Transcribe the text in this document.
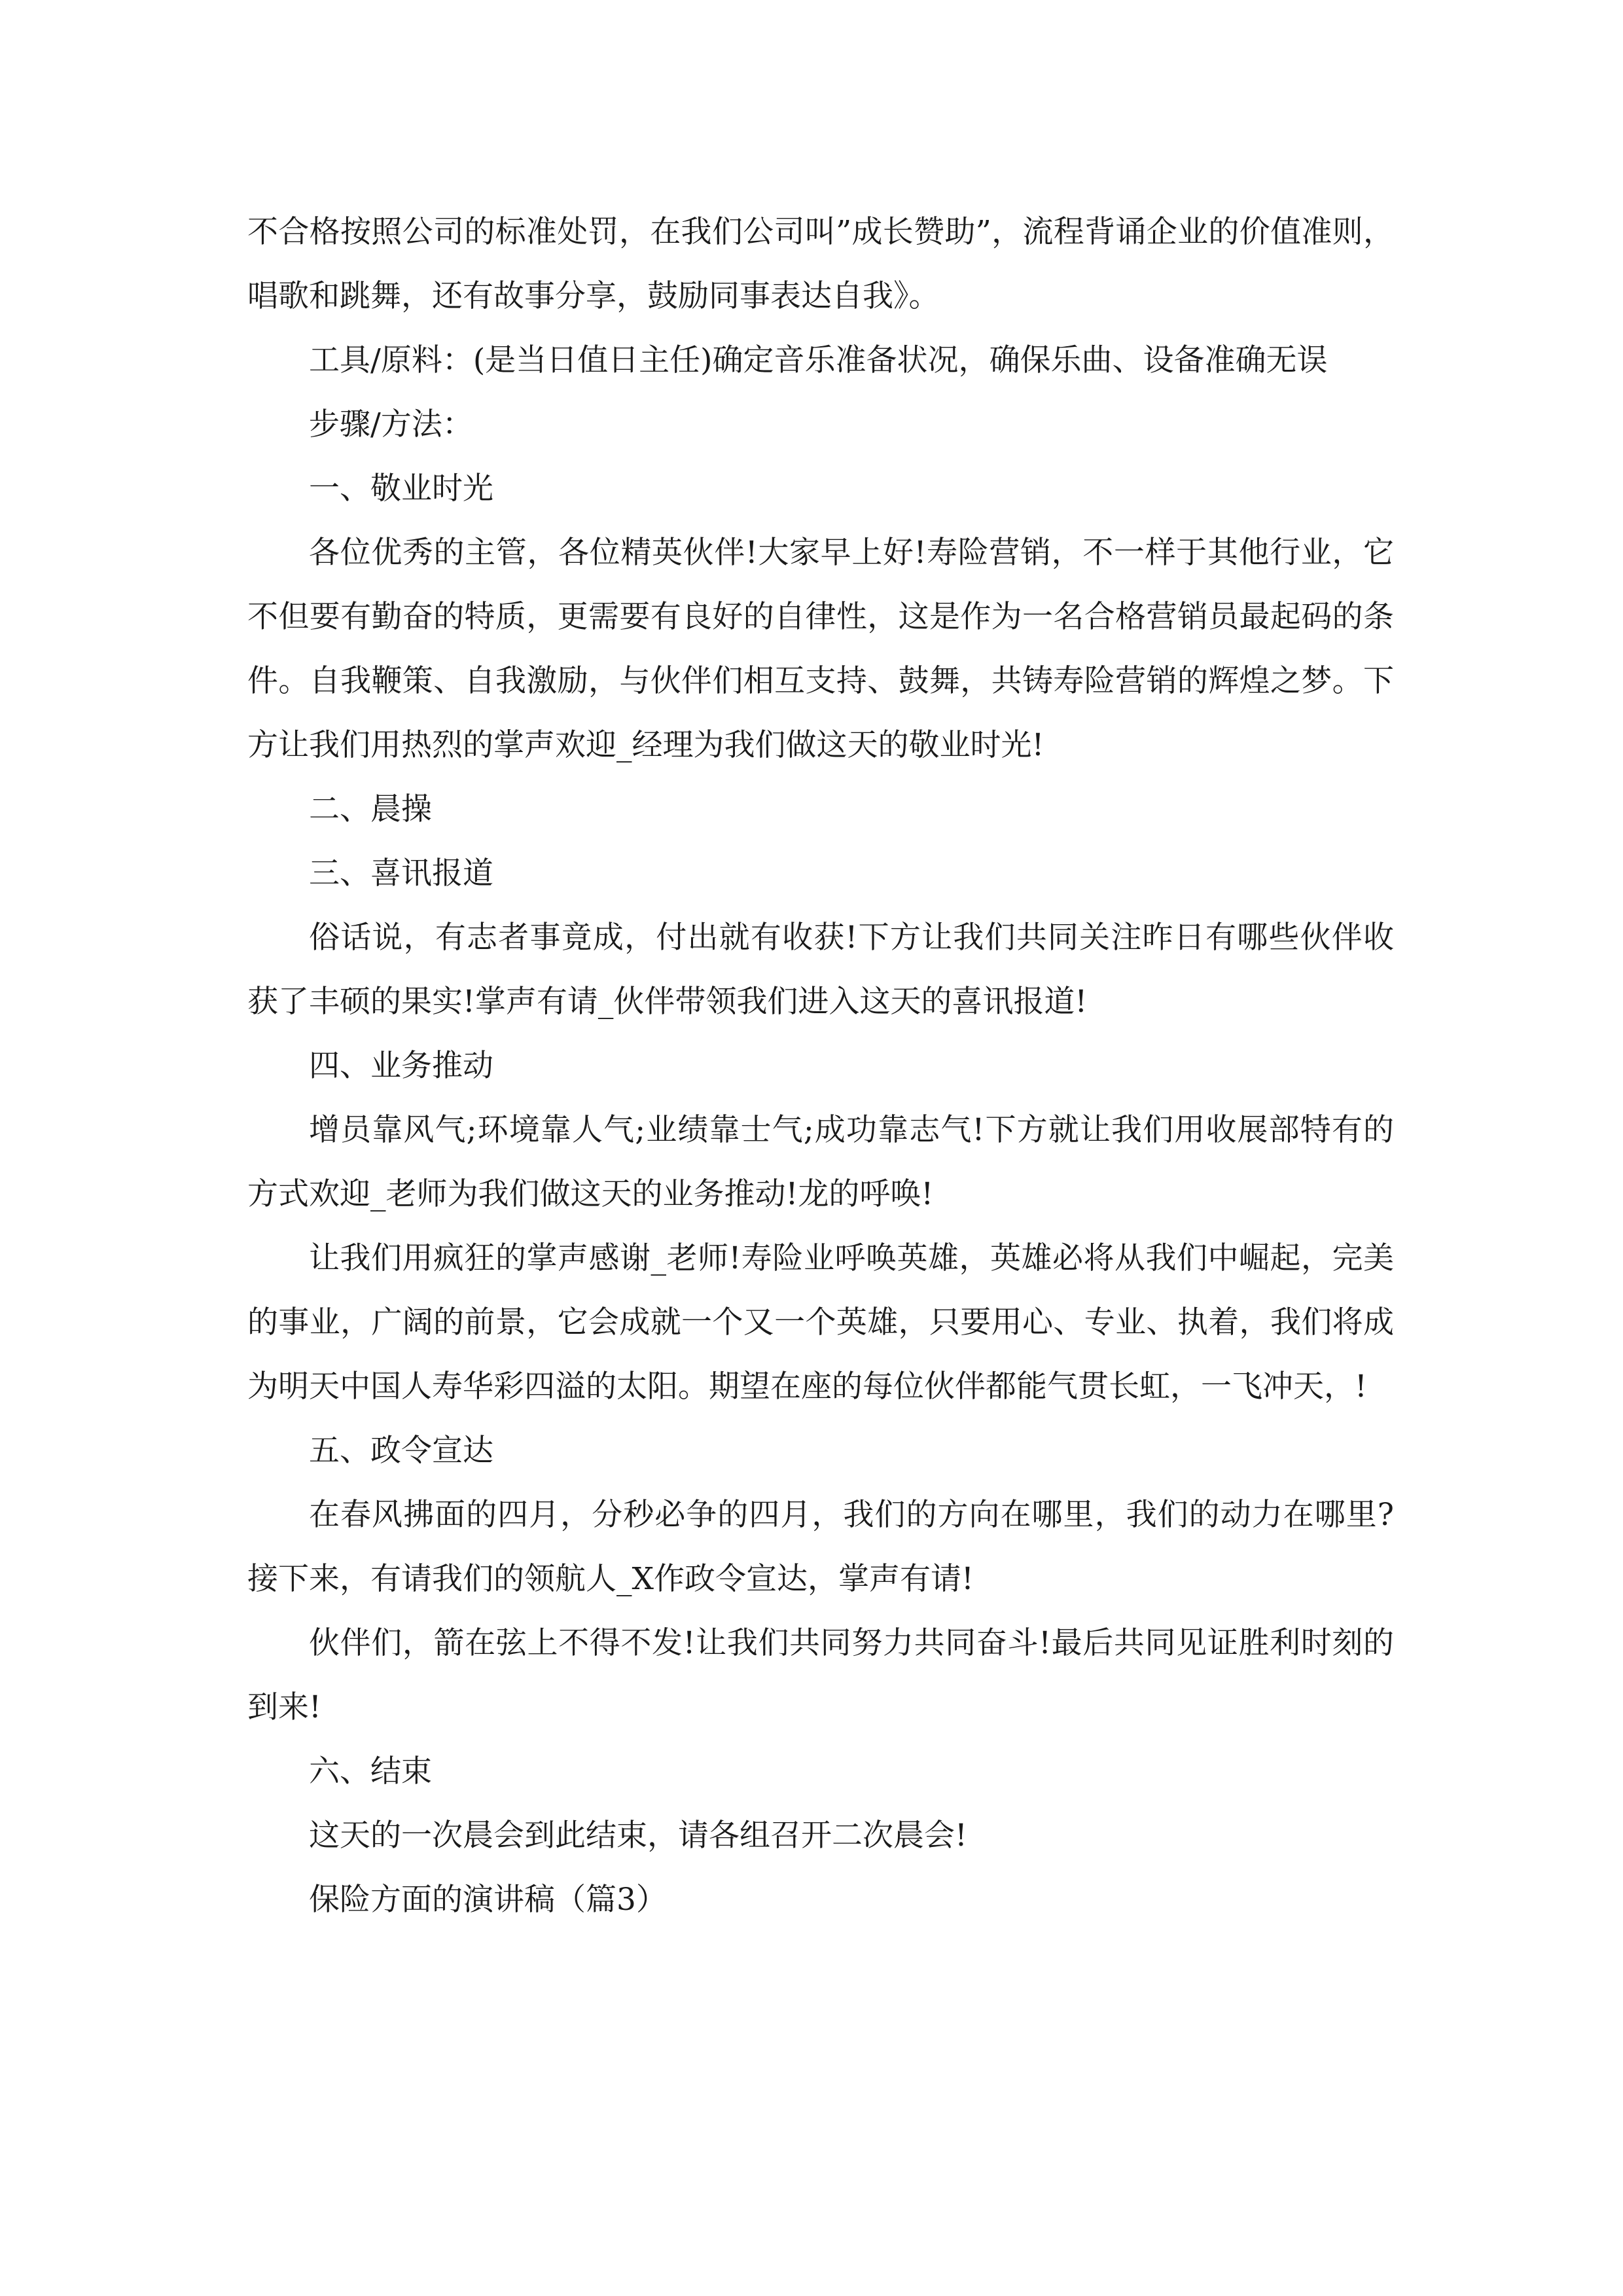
不合格按照公司的标准处罚，在我们公司叫”成长赞助”，流程背诵企业的价值准则，唱歌和跳舞，还有故事分享，鼓励同事表达自我》。

工具/原料：(是当日值日主任)确定音乐准备状况，确保乐曲、设备准确无误

步骤/方法：

一、敬业时光

各位优秀的主管，各位精英伙伴!大家早上好!寿险营销，不一样于其他行业，它不但要有勤奋的特质，更需要有良好的自律性，这是作为一名合格营销员最起码的条件。自我鞭策、自我激励，与伙伴们相互支持、鼓舞，共铸寿险营销的辉煌之梦。下方让我们用热烈的掌声欢迎_经理为我们做这天的敬业时光!

二、晨操

三、喜讯报道

俗话说，有志者事竟成，付出就有收获!下方让我们共同关注昨日有哪些伙伴收获了丰硕的果实!掌声有请_伙伴带领我们进入这天的喜讯报道!

四、业务推动

增员靠风气;环境靠人气;业绩靠士气;成功靠志气!下方就让我们用收展部特有的方式欢迎_老师为我们做这天的业务推动!龙的呼唤!

让我们用疯狂的掌声感谢_老师!寿险业呼唤英雄，英雄必将从我们中崛起，完美的事业，广阔的前景，它会成就一个又一个英雄，只要用心、专业、执着，我们将成为明天中国人寿华彩四溢的太阳。期望在座的每位伙伴都能气贯长虹，一飞冲天，!

五、政令宣达

在春风拂面的四月，分秒必争的四月，我们的方向在哪里，我们的动力在哪里?接下来，有请我们的领航人_X作政令宣达，掌声有请!

伙伴们，箭在弦上不得不发!让我们共同努力共同奋斗!最后共同见证胜利时刻的到来!

六、结束

这天的一次晨会到此结束，请各组召开二次晨会!

保险方面的演讲稿（篇3）
